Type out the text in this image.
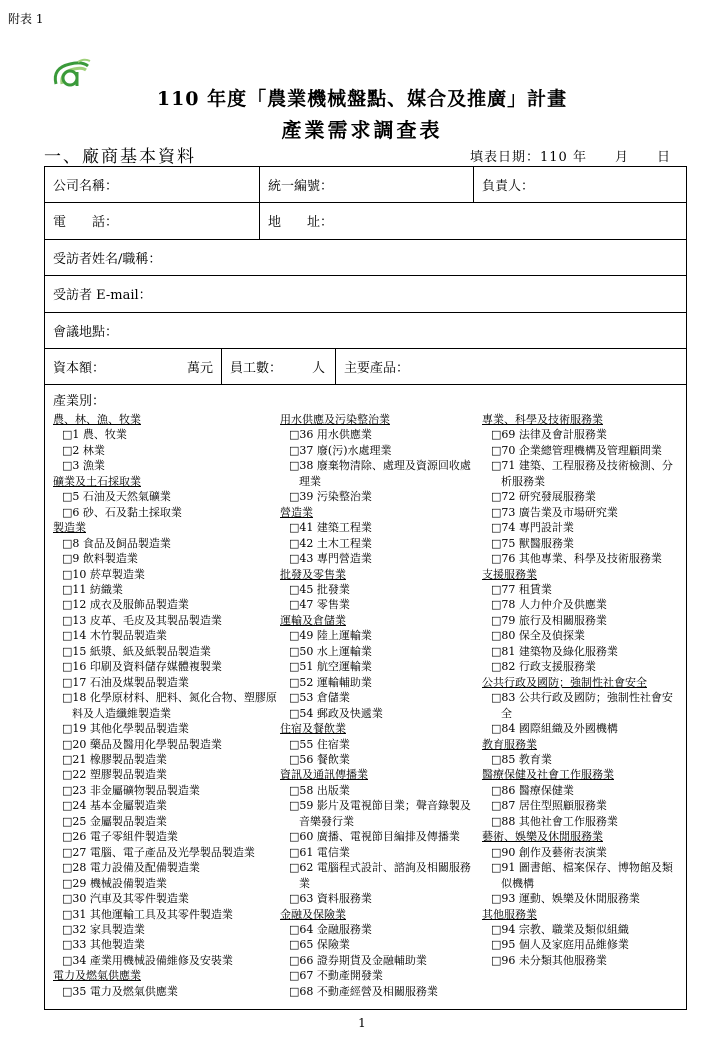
附表 1
110 年度「農業機械盤點、媒合及推廣」計畫
產業需求調查表
一、廠商基本資料	填表日期：110 年　　月　　日
公司名稱：	統一編號：	負責人：
電　　話：	地　　址：
受訪者姓名/職稱：
受訪者 E-mail：
會議地點：
資本額：	萬元	員工數： 人	主要產品：
產業別：
農、林、漁、牧業
□1 農、牧業
□2 林業
□3 漁業
礦業及土石採取業
□5 石油及天然氣礦業
□6 砂、石及黏土採取業
製造業
□8 食品及飼品製造業
□9 飲料製造業
□10 菸草製造業
□11 紡織業
□12 成衣及服飾品製造業
□13 皮革、毛皮及其製品製造業
□14 木竹製品製造業
□15 紙漿、紙及紙製品製造業
□16 印刷及資料儲存媒體複製業
□17 石油及煤製品製造業
□18 化學原材料、肥料、氮化合物、塑膠原料及人造纖維製造業
□19 其他化學製品製造業
□20 藥品及醫用化學製品製造業
□21 橡膠製品製造業
□22 塑膠製品製造業
□23 非金屬礦物製品製造業
□24 基本金屬製造業
□25 金屬製品製造業
□26 電子零組件製造業
□27 電腦、電子產品及光學製品製造業
□28 電力設備及配備製造業
□29 機械設備製造業
□30 汽車及其零件製造業
□31 其他運輸工具及其零件製造業
□32 家具製造業
□33 其他製造業
□34 產業用機械設備維修及安裝業
電力及燃氣供應業
□35 電力及燃氣供應業
用水供應及污染整治業
□36 用水供應業
□37 廢(污)水處理業
□38 廢棄物清除、處理及資源回收處理業
□39 污染整治業
營造業
□41 建築工程業
□42 土木工程業
□43 專門營造業
批發及零售業
□45 批發業
□47 零售業
運輸及倉儲業
□49 陸上運輸業
□50 水上運輸業
□51 航空運輸業
□52 運輸輔助業
□53 倉儲業
□54 郵政及快遞業
住宿及餐飲業
□55 住宿業
□56 餐飲業
資訊及通訊傳播業
□58 出版業
□59 影片及電視節目業；聲音錄製及音樂發行業
□60 廣播、電視節目編排及傳播業
□61 電信業
□62 電腦程式設計、諮詢及相關服務業
□63 資料服務業
金融及保險業
□64 金融服務業
□65 保險業
□66 證券期貨及金融輔助業
□67 不動產開發業
□68 不動產經營及相關服務業
專業、科學及技術服務業
□69 法律及會計服務業
□70 企業總管理機構及管理顧問業
□71 建築、工程服務及技術檢測、分析服務業
□72 研究發展服務業
□73 廣告業及市場研究業
□74 專門設計業
□75 獸醫服務業
□76 其他專業、科學及技術服務業
支援服務業
□77 租賃業
□78 人力仲介及供應業
□79 旅行及相關服務業
□80 保全及偵探業
□81 建築物及綠化服務業
□82 行政支援服務業
公共行政及國防；強制性社會安全
□83 公共行政及國防；強制性社會安全
□84 國際組織及外國機構
教育服務業
□85 教育業
醫療保健及社會工作服務業
□86 醫療保健業
□87 居住型照顧服務業
□88 其他社會工作服務業
藝術、娛樂及休閒服務業
□90 創作及藝術表演業
□91 圖書館、檔案保存、博物館及類似機構
□93 運動、娛樂及休閒服務業
其他服務業
□94 宗教、職業及類似組織
□95 個人及家庭用品維修業
□96 未分類其他服務業
1
